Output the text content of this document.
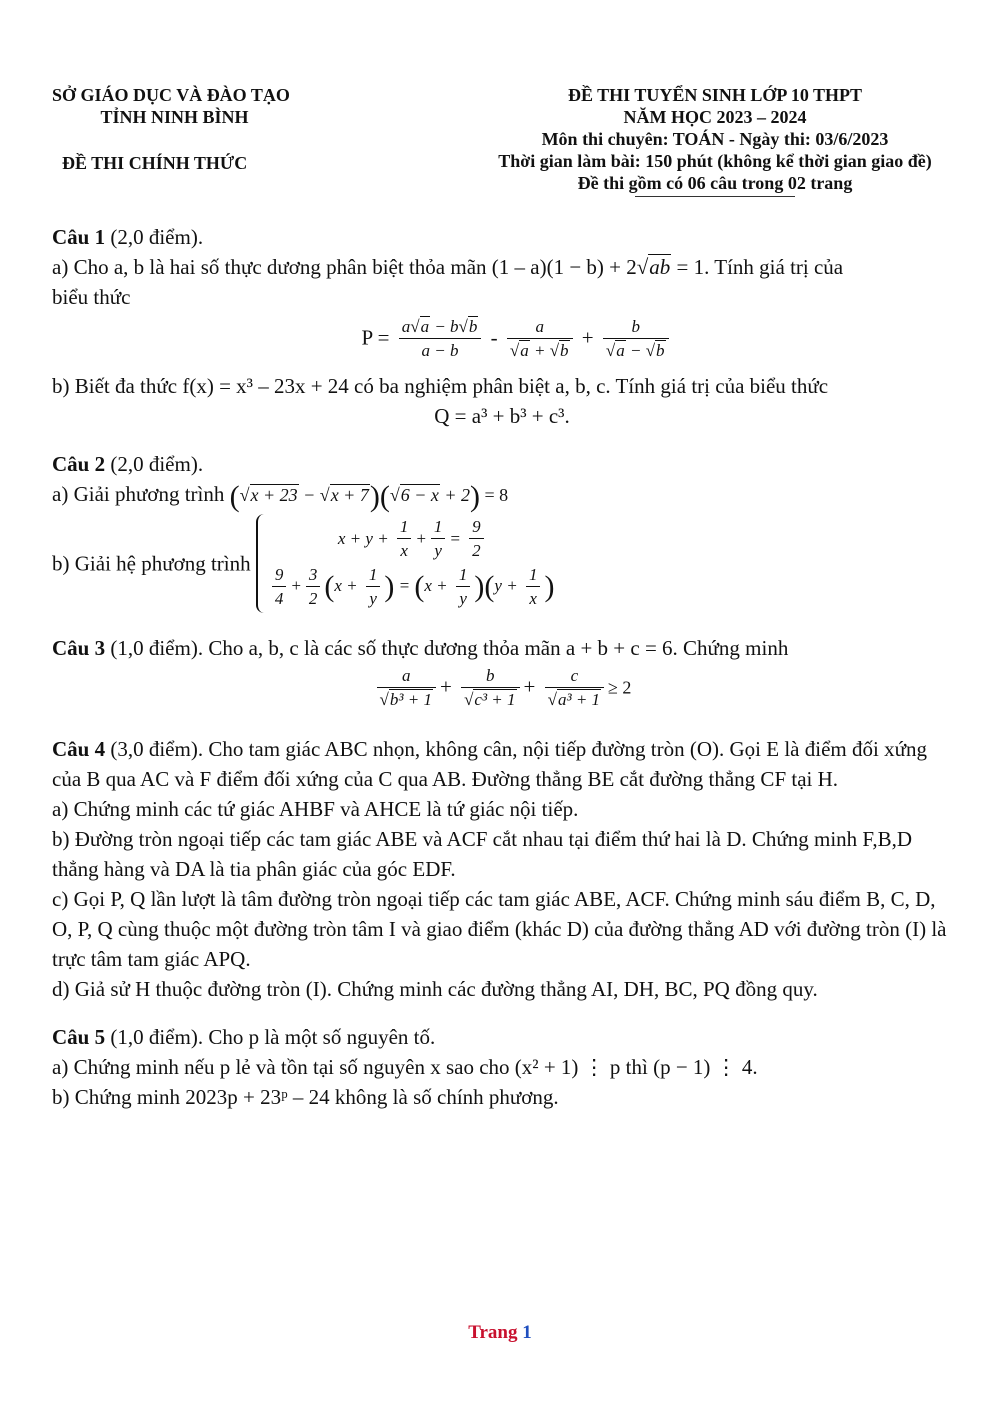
SỞ GIÁO DỤC VÀ ĐÀO TẠO
TỈNH NINH BÌNH
ĐỀ THI CHÍNH THỨC
ĐỀ THI TUYỂN SINH LỚP 10 THPT
NĂM HỌC 2023 – 2024
Môn thi chuyên: TOÁN - Ngày thi: 03/6/2023
Thời gian làm bài: 150 phút (không kể thời gian giao đề)
Đề thi gồm có 06 câu trong 02 trang

Câu 1 (2,0 điểm).

a) Cho a, b là hai số thực dương phân biệt thỏa mãn (1 – a)(1 − b) + 2√ab = 1. Tính giá trị của

biểu thức

$P = \frac{a√a - b√b}{a - b} - \frac{a}{√a + √b} + \frac{b}{√a - √b}$

b) Biết đa thức f(x) = x³ – 23x + 24 có ba nghiệm phân biệt a, b, c. Tính giá trị của biểu thức

Q = a³ + b³ + c³.

Câu 2 (2,0 điểm).

a) Giải phương trình (√x + 23 − √x + 7)(√6 − x + 2) = 8

b) Giải hệ phương trình
$x + y + \frac{1}{x} + \frac{1}{y} = \frac{9}{2}$
$\frac{9}{4} + \frac{3}{2} (x + \frac{1}{y}$ ) = $(x + \frac{1}{y} )(y + \frac{1}{x}$ )

Câu 3 (1,0 điểm). Cho a, b, c là các số thực dương thỏa mãn a + b + c = 6. Chứng minh

$\frac{a}{\text{√b³ + 1}} + \frac{b}{\text{√c³ + 1}} + \frac{c}{\text{√a³ + 1}} \ge 2$

Câu 4 (3,0 điểm). Cho tam giác ABC nhọn, không cân, nội tiếp đường tròn (O). Gọi E là điểm đối xứng của B qua AC và F điểm đối xứng của C qua AB. Đường thẳng BE cắt đường thẳng CF tại H.

a) Chứng minh các tứ giác AHBF và AHCE là tứ giác nội tiếp.

b) Đường tròn ngoại tiếp các tam giác ABE và ACF cắt nhau tại điểm thứ hai là D. Chứng minh F,B,D thẳng hàng và DA là tia phân giác của góc EDF.

c) Gọi P, Q lần lượt là tâm đường tròn ngoại tiếp các tam giác ABE, ACF. Chứng minh sáu điểm B, C, D, O, P, Q cùng thuộc một đường tròn tâm I và giao điểm (khác D) của đường thẳng AD với đường tròn (I) là trực tâm tam giác APQ.

d) Giả sử H thuộc đường tròn (I). Chứng minh các đường thẳng AI, DH, BC, PQ đồng quy.

Câu 5 (1,0 điểm). Cho p là một số nguyên tố.

a) Chứng minh nếu p lẻ và tồn tại số nguyên x sao cho (x² + 1) ⋮ p thì (p − 1) ⋮ 4.

b) Chứng minh 2023p + 23ᵖ – 24 không là số chính phương.

Trang 1
